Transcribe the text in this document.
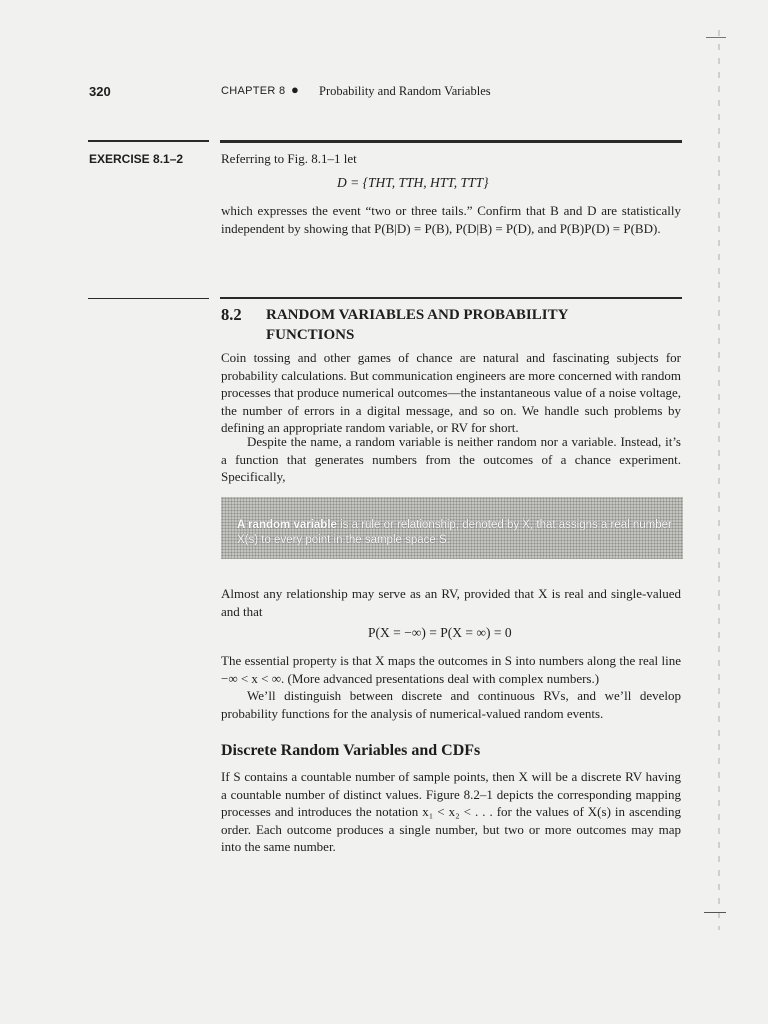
320	CHAPTER 8 ● Probability and Random Variables
EXERCISE 8.1–2	Referring to Fig. 8.1–1 let
D = {THT, TTH, HTT, TTT}
which expresses the event “two or three tails.” Confirm that B and D are statistically independent by showing that P(B|D) = P(B), P(D|B) = P(D), and P(B)P(D) = P(BD).
8.2 RANDOM VARIABLES AND PROBABILITY FUNCTIONS
Coin tossing and other games of chance are natural and fascinating subjects for probability calculations. But communication engineers are more concerned with random processes that produce numerical outcomes—the instantaneous value of a noise voltage, the number of errors in a digital message, and so on. We handle such problems by defining an appropriate random variable, or RV for short.
Despite the name, a random variable is neither random nor a variable. Instead, it’s a function that generates numbers from the outcomes of a chance experiment. Specifically,
A random variable is a rule or relationship, denoted by X, that assigns a real number X(s) to every point in the sample space S.
Almost any relationship may serve as an RV, provided that X is real and single-valued and that
P(X = −∞) = P(X = ∞) = 0
The essential property is that X maps the outcomes in S into numbers along the real line −∞ < x < ∞. (More advanced presentations deal with complex numbers.)
We’ll distinguish between discrete and continuous RVs, and we’ll develop probability functions for the analysis of numerical-valued random events.
Discrete Random Variables and CDFs
If S contains a countable number of sample points, then X will be a discrete RV having a countable number of distinct values. Figure 8.2–1 depicts the corresponding mapping processes and introduces the notation x₁ < x₂ < . . . for the values of X(s) in ascending order. Each outcome produces a single number, but two or more outcomes may map into the same number.
